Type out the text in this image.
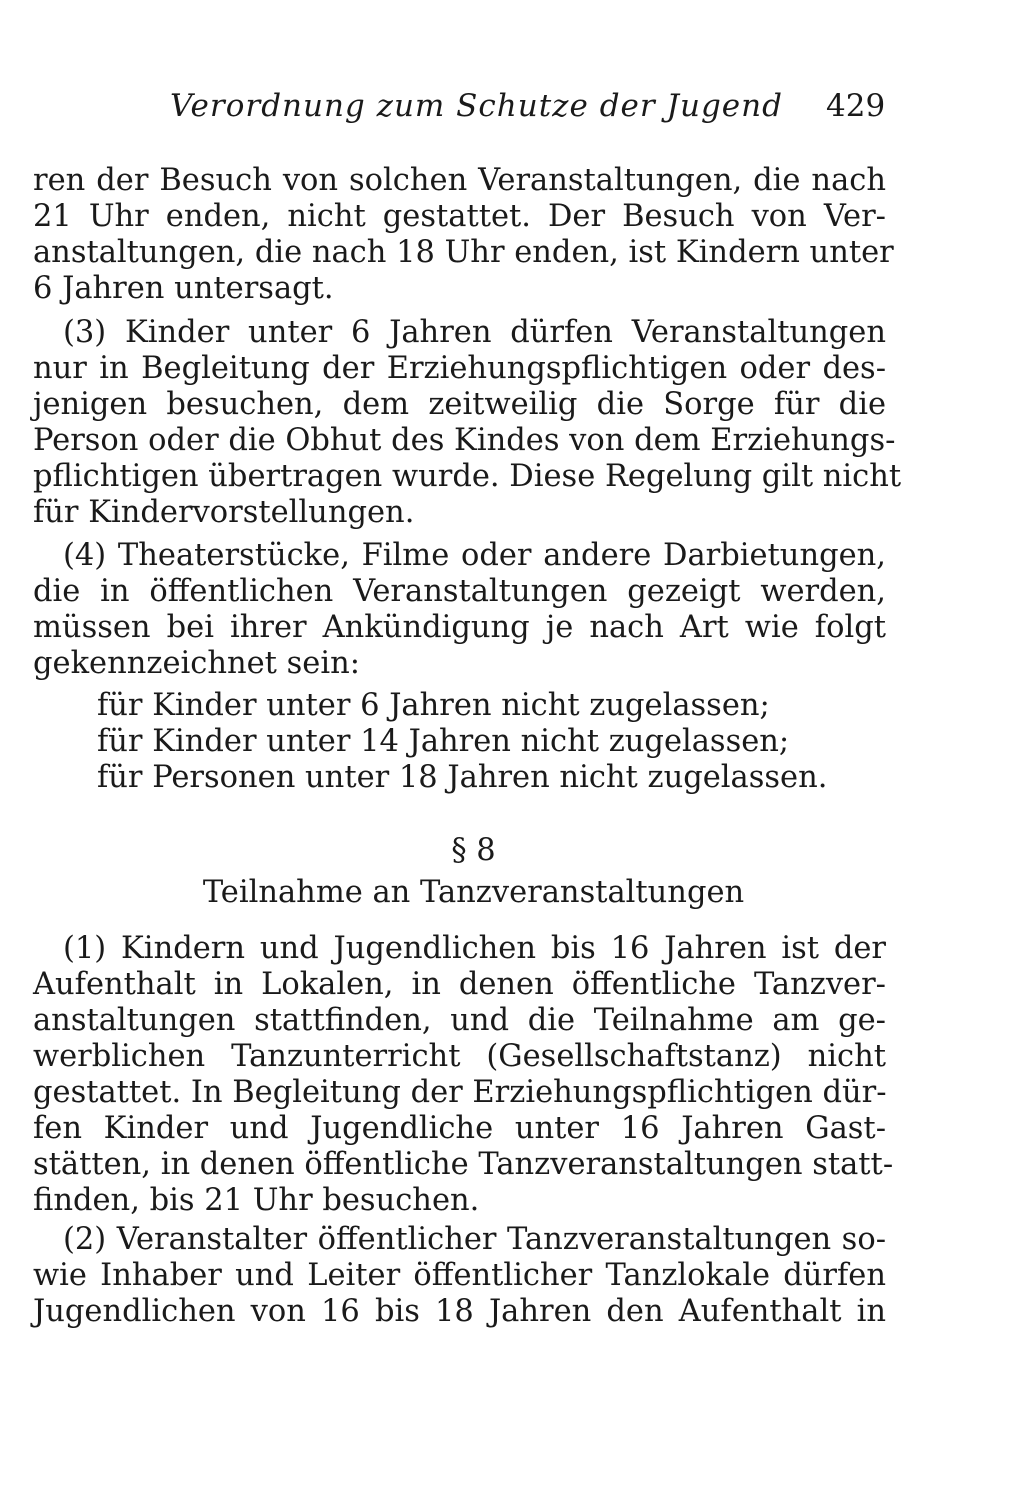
Verordnung zum Schutze der Jugend 429
ren der Besuch von solchen Veranstaltungen, die nach
21 Uhr enden, nicht gestattet. Der Besuch von Ver-
anstaltungen, die nach 18 Uhr enden, ist Kindern unter
6 Jahren untersagt.
(3) Kinder unter 6 Jahren dürfen Veranstaltungen
nur in Begleitung der Erziehungspflichtigen oder des-
jenigen besuchen, dem zeitweilig die Sorge für die
Person oder die Obhut des Kindes von dem Erziehungs-
pflichtigen übertragen wurde. Diese Regelung gilt nicht
für Kindervorstellungen.
(4) Theaterstücke, Filme oder andere Darbietungen,
die in öffentlichen Veranstaltungen gezeigt werden,
müssen bei ihrer Ankündigung je nach Art wie folgt
gekennzeichnet sein:
für Kinder unter 6 Jahren nicht zugelassen;
für Kinder unter 14 Jahren nicht zugelassen;
für Personen unter 18 Jahren nicht zugelassen.
§ 8
Teilnahme an Tanzveranstaltungen
(1) Kindern und Jugendlichen bis 16 Jahren ist der
Aufenthalt in Lokalen, in denen öffentliche Tanzver-
anstaltungen stattfinden, und die Teilnahme am ge-
werblichen Tanzunterricht (Gesellschaftstanz) nicht
gestattet. In Begleitung der Erziehungspflichtigen dür-
fen Kinder und Jugendliche unter 16 Jahren Gast-
stätten, in denen öffentliche Tanzveranstaltungen statt-
finden, bis 21 Uhr besuchen.
(2) Veranstalter öffentlicher Tanzveranstaltungen so-
wie Inhaber und Leiter öffentlicher Tanzlokale dürfen
Jugendlichen von 16 bis 18 Jahren den Aufenthalt in
